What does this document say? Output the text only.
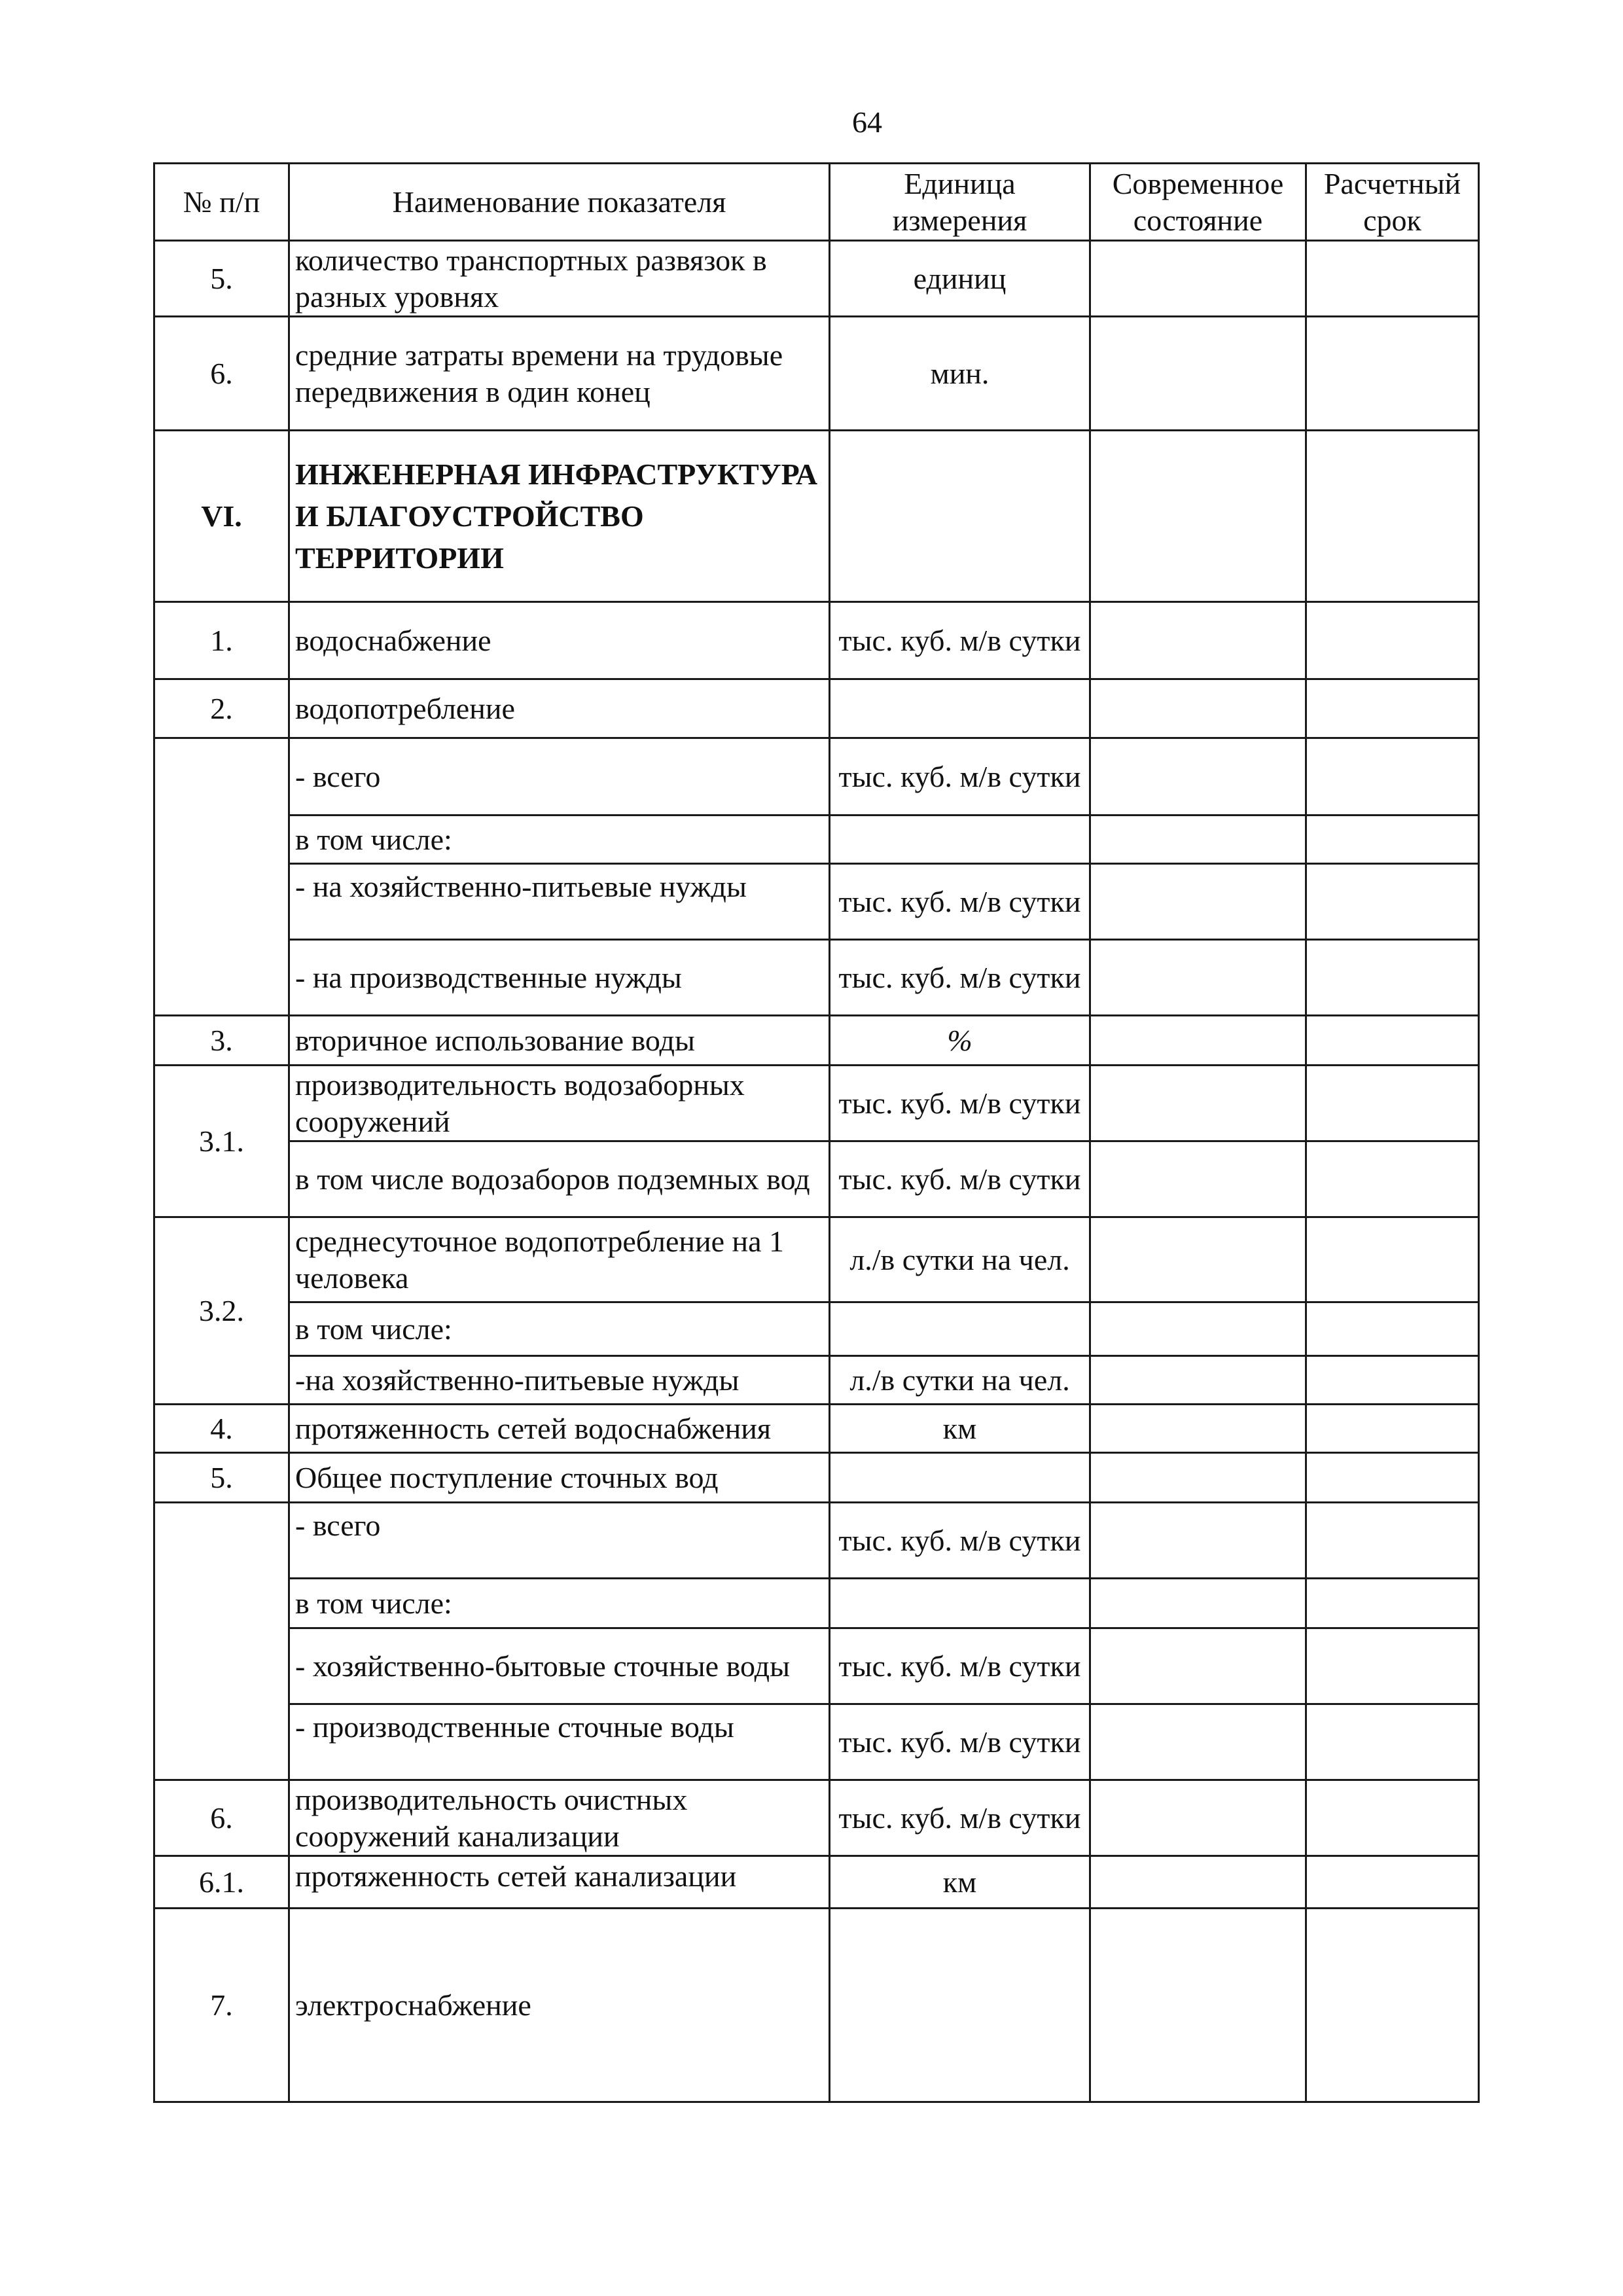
64
№ п/п	Наименование показателя	Единица измерения	Современное состояние	Расчетный срок
5.	количество транспортных развязок в разных уровнях	единиц		
6.	средние затраты времени на трудовые передвижения в один конец	мин.		
VI.	ИНЖЕНЕРНАЯ ИНФРАСТРУКТУРА И БЛАГОУСТРОЙСТВО ТЕРРИТОРИИ			
1.	водоснабжение	тыс. куб. м/в сутки		
2.	водопотребление			
	- всего	тыс. куб. м/в сутки		
	в том числе:			
	- на хозяйственно-питьевые нужды	тыс. куб. м/в сутки		
	- на производственные нужды	тыс. куб. м/в сутки		
3.	вторичное использование воды	%		
3.1.	производительность водозаборных сооружений	тыс. куб. м/в сутки		
	в том числе водозаборов подземных вод	тыс. куб. м/в сутки		
3.2.	среднесуточное водопотребление на 1 человека	л./в сутки на чел.		
	в том числе:			
	-на хозяйственно-питьевые нужды	л./в сутки на чел.		
4.	протяженность сетей водоснабжения	км		
5.	Общее поступление сточных вод			
	- всего	тыс. куб. м/в сутки		
	в том числе:			

	- хозяйственно-бытовые сточные воды	тыс. куб. м/в сутки		
	- производственные сточные воды	тыс. куб. м/в сутки		
6.	производительность очистных сооружений канализации	тыс. куб. м/в сутки		
6.1.	протяженность сетей канализации	км		
7.	электроснабжение			
